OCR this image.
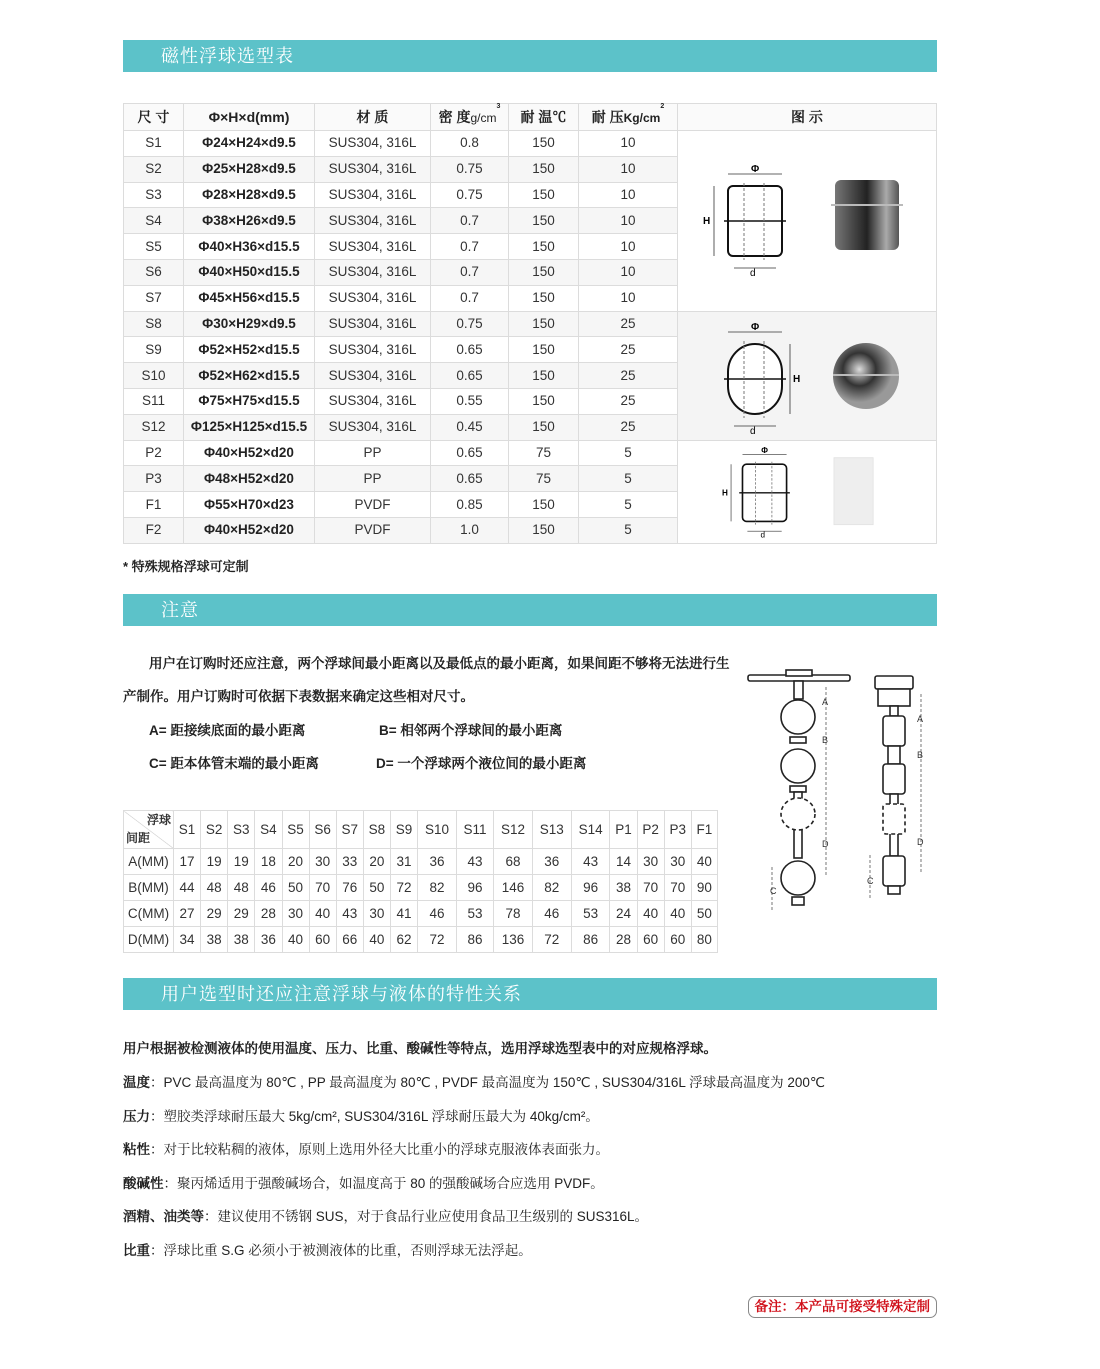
磁性浮球选型表
尺 寸	Φ×H×d(mm)	材 质	密 度$g/cm^3$	耐 温℃	耐 压$Kg/cm^2$	图 示
S1	Φ24×H24×d9.5	SUS304, 316L	0.8	150	10	Φ
H
d

S2	Φ25×H28×d9.5	SUS304, 316L	0.75	150	10	
S3	Φ28×H28×d9.5	SUS304, 316L	0.75	150	10	
S4	Φ38×H26×d9.5	SUS304, 316L	0.7	150	10	
S5	Φ40×H36×d15.5	SUS304, 316L	0.7	150	10	
S6	Φ40×H50×d15.5	SUS304, 316L	0.7	150	10	
S7	Φ45×H56×d15.5	SUS304, 316L	0.7	150	10	
S8	Φ30×H29×d9.5	SUS304, 316L	0.75	150	25	Φ
H
d

S9	Φ52×H52×d15.5	SUS304, 316L	0.65	150	25	
S10	Φ52×H62×d15.5	SUS304, 316L	0.65	150	25	
S11	Φ75×H75×d15.5	SUS304, 316L	0.55	150	25	
S12	Φ125×H125×d15.5	SUS304, 316L	0.45	150	25	
P2	Φ40×H52×d20	PP	0.65	75	5	Φ
H
d

P3	Φ48×H52×d20	PP	0.65	75	5	
F1	Φ55×H70×d23	PVDF	0.85	150	5	
F2	Φ40×H52×d20	PVDF	1.0	150	5	
* 特殊规格浮球可定制
注意
用户在订购时还应注意，两个浮球间最小距离以及最低点的最小距离，如果间距不够将无法进行生
产制作。用户订购时可依据下表数据来确定这些相对尺寸。
A= 距接续底面的最小距离	B= 相邻两个浮球间的最小距离
C= 距本体管末端的最小距离	D= 一个浮球两个液位间的最小距离
浮球
间距	S1	S2	S3	S4	S5	S6	S7	S8	S9	S10	S11	S12	S13	S14	P1	P2	P3	F1
A(MM)	17	19	19	18	20	30	33	20	31	36	43	68	36	43	14	30	30	40
B(MM)	44	48	48	46	50	70	76	50	72	82	96	146	82	96	38	70	70	90
C(MM)	27	29	29	28	30	40	43	30	41	46	53	78	46	53	24	40	40	50
D(MM)	34	38	38	36	40	60	66	40	62	72	86	136	72	86	28	60	60	80
A
B
D
C
A
B
D
C
用户选型时还应注意浮球与液体的特性关系
用户根据被检测液体的使用温度、压力、比重、酸碱性等特点，选用浮球选型表中的对应规格浮球。
温度：PVC 最高温度为 80℃ , PP 最高温度为 80℃ , PVDF 最高温度为 150℃ , SUS304/316L 浮球最高温度为 200℃
压力：塑胶类浮球耐压最大 5kg/cm², SUS304/316L 浮球耐压最大为 40kg/cm²。
粘性：对于比较粘稠的液体，原则上选用外径大比重小的浮球克服液体表面张力。
酸碱性：聚丙烯适用于强酸碱场合，如温度高于 80 的强酸碱场合应选用 PVDF。
酒精、油类等：建议使用不锈钢 SUS，对于食品行业应使用食品卫生级别的 SUS316L。
比重：浮球比重 S.G 必须小于被测液体的比重，否则浮球无法浮起。
备注：本产品可接受特殊定制
